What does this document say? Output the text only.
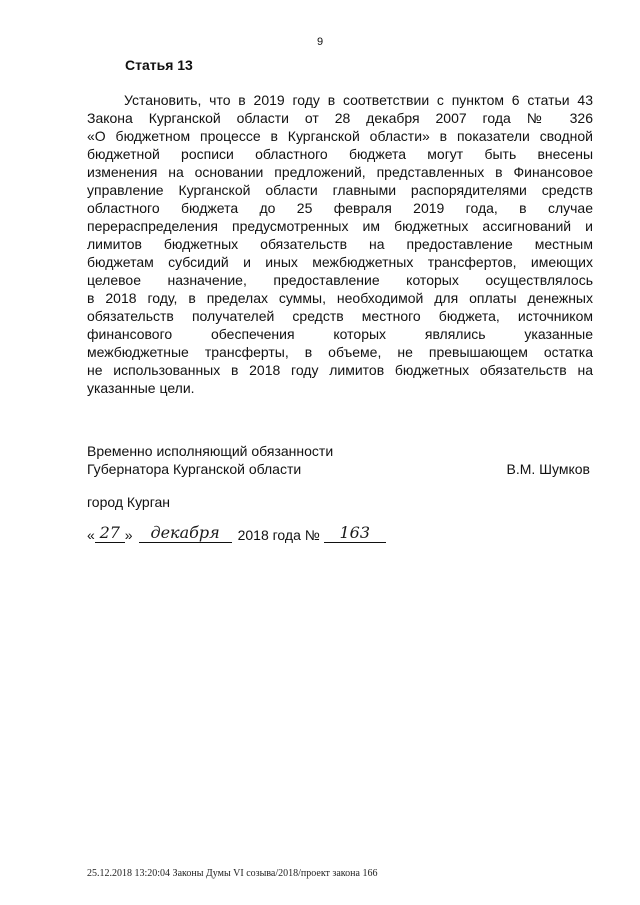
9
Статья 13
Установить, что в 2019 году в соответствии с пунктом 6 статьи 43
Закона Курганской области от 28 декабря 2007 года № 326
«О бюджетном процессе в Курганской области» в показатели сводной
бюджетной росписи областного бюджета могут быть внесены
изменения на основании предложений, представленных в Финансовое
управление Курганской области главными распорядителями средств
областного бюджета до 25 февраля 2019 года, в случае
перераспределения предусмотренных им бюджетных ассигнований и
лимитов бюджетных обязательств на предоставление местным
бюджетам субсидий и иных межбюджетных трансфертов, имеющих
целевое назначение, предоставление которых осуществлялось
в 2018 году, в пределах суммы, необходимой для оплаты денежных
обязательств получателей средств местного бюджета, источником
финансового обеспечения которых являлись указанные
межбюджетные трансферты, в объеме, не превышающем остатка
не использованных в 2018 году лимитов бюджетных обязательств на
указанные цели.
Временно исполняющий обязанности
Губернатора Курганской области	В.М. Шумков
город Курган
« 27 »	декабря	2018 года №	163
25.12.2018 13:20:04 Законы Думы VI созыва/2018/проект закона 166
